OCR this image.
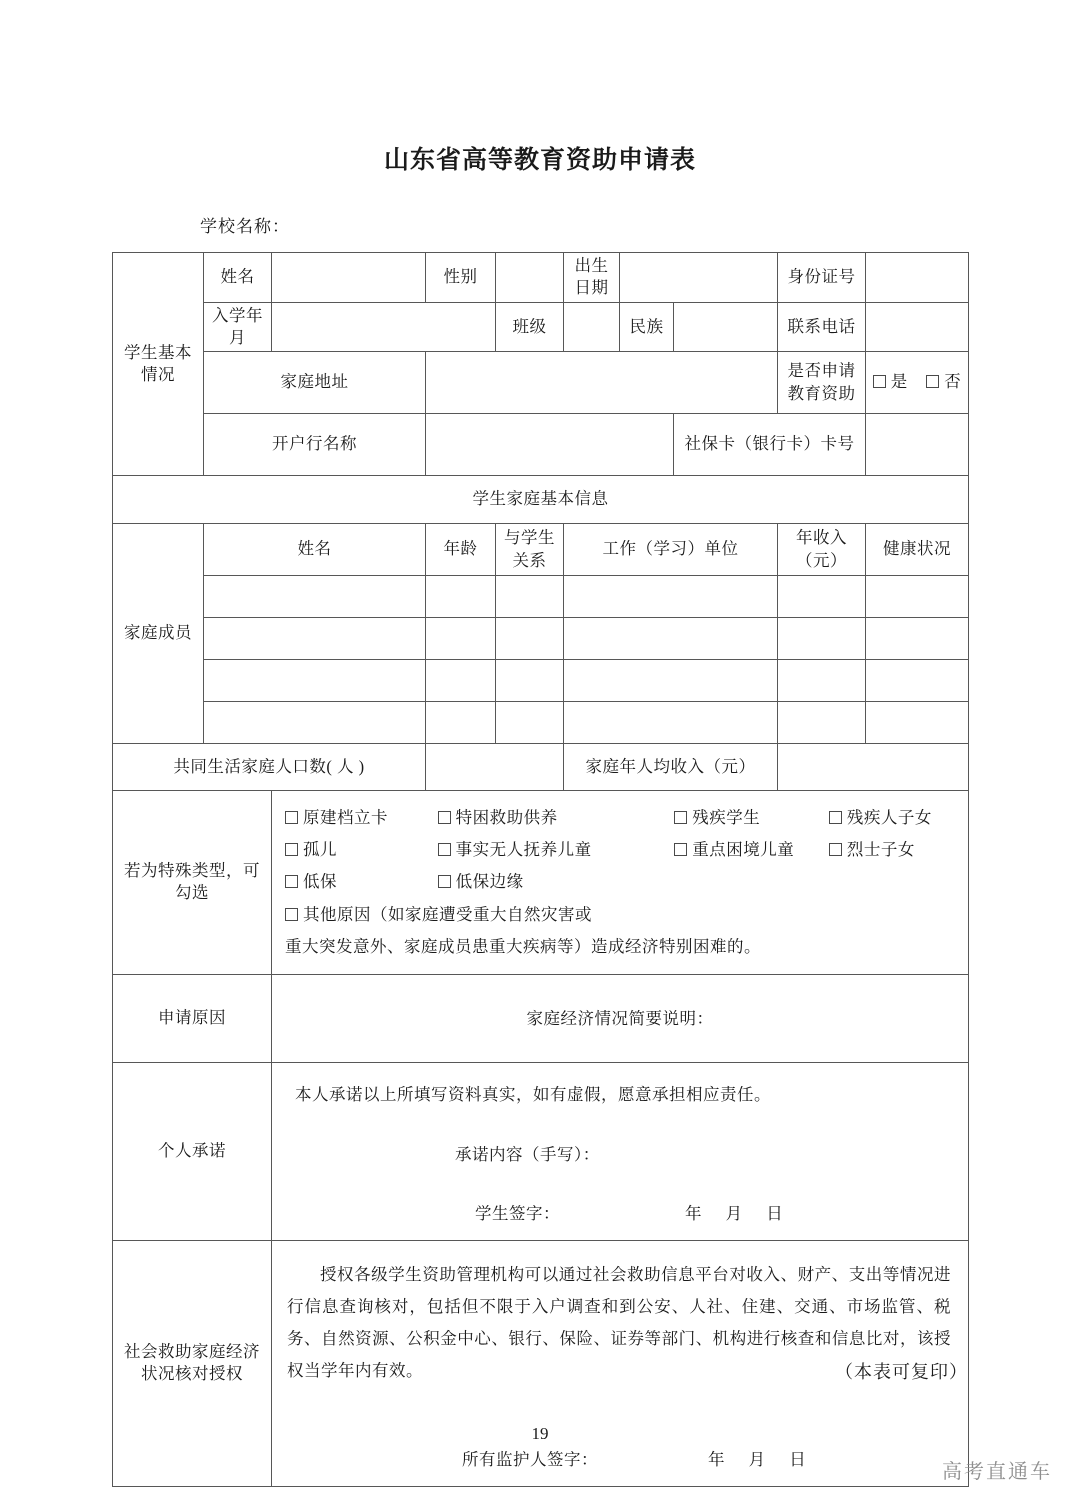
山东省高等教育资助申请表
学校名称：
学生基本情况	姓名		性别		出生日期			身份证号	
	入学年月			班级		民族		联系电话	
	家庭地址							是否申请教育资助	是 否
	开户行名称						社保卡（银行卡）卡号		
学生家庭基本信息									
家庭成员	姓名		年龄	与学生关系	工作（学习）单位			年收入（元）	健康状况

共同生活家庭人口数( 人 )					家庭年人均收入（元）				
若为特殊类型，可勾选		原建档立卡 特困救助供养 残疾学生 残疾人子女
孤儿 事实无人抚养儿童 重点困境儿童 烈士子女
低保 低保边缘 其他原因（如家庭遭受重大自然灾害或
重大突发意外、家庭成员患重大疾病等）造成经济特别困难的。							

申请原因		家庭经济情况简要说明：							

个人承诺		本人承诺以上所填写资料真实，如有虚假，愿意承担相应责任。
承诺内容（手写）：
学生签字： 年 月 日							

社会救助家庭经济状况核对授权		授权各级学生资助管理机构可以通过社会救助信息平台对收入、财产、支出等情况进行信息查询核对，包括但不限于入户调查和到公安、人社、住建、交通、市场监管、税务、自然资源、公积金中心、银行、保险、证券等部门、机构进行核查和信息比对，该授权当学年内有效。
所有监护人签字： 年 月 日							
（本表可复印）
19
高考直通车
